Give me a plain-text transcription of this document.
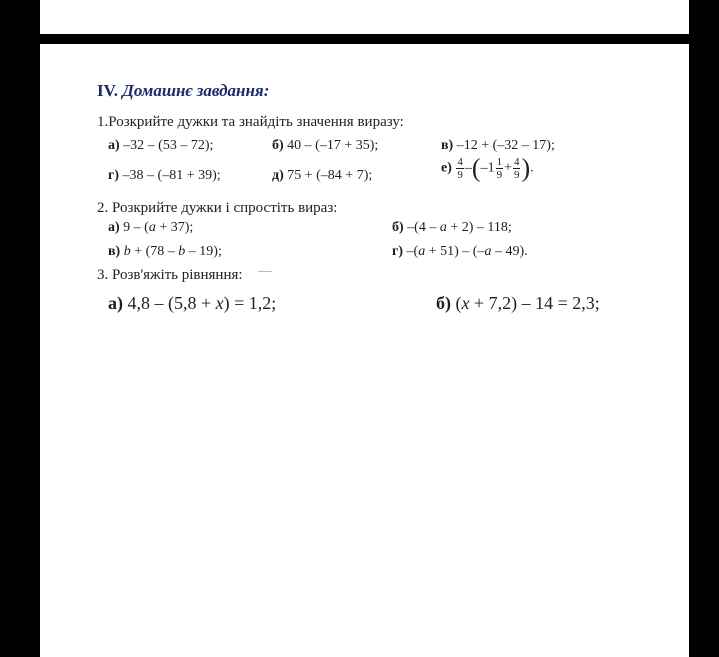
IV. Домашнє завдання:
1.Розкрийте дужки та знайдіть значення виразу:
а) –32 – (53 – 72);	б) 40 – (–17 + 35);	в) –12 + (–32 – 17);
г) –38 – (–81 + 39);	д) 75 + (–84 + 7);	$е) \frac{4}{9} -(-1 \frac{1}{9} + \frac{4}{9}$ ).
2. Розкрийте дужки і спростіть вираз:
а) 9 – (a + 37);	б) –(4 – a + 2) – 118;
в) b + (78 – b – 19);	г) –(a + 51) – (–a – 49).
3. Розв'яжіть рівняння:
а) 4,8 – (5,8 + x) = 1,2;	б) (x + 7,2) – 14 = 2,3;
